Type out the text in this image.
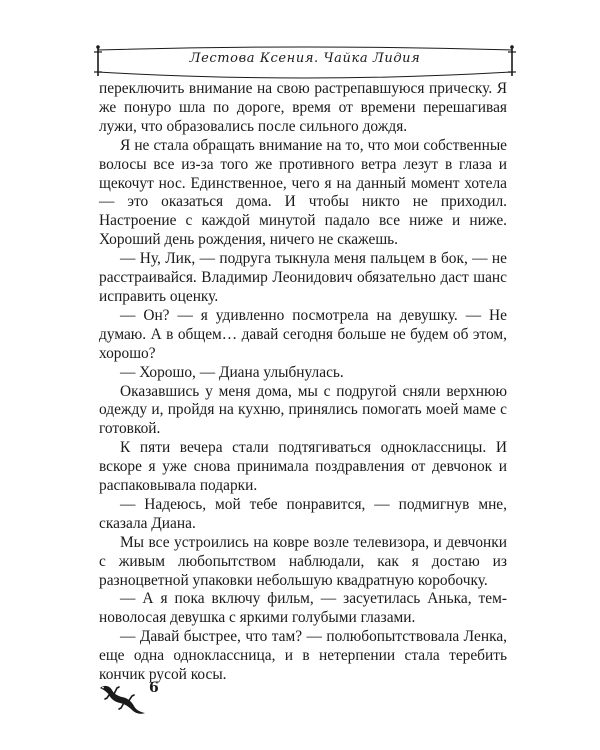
Лестова Ксения. Чайка Лидия

переключить внимание на свою растрепавшуюся прическу. Я же понуро шла по дороге, время от времени перешагивая лужи, что образовались после сильного дождя.

Я не стала обращать внимание на то, что мои собственные волосы все из-за того же противного ветра лезут в глаза и щекочут нос. Единственное, чего я на данный момент хотела — это оказаться дома. И чтобы никто не приходил. Настроение с каждой минутой падало все ниже и ниже. Хороший день рождения, ничего не скажешь.

— Ну, Лик, — подруга тыкнула меня пальцем в бок, — не расстраивайся. Владимир Леонидович обязательно даст шанс исправить оценку.

— Он? — я удивленно посмотрела на девушку. — Не думаю. А в общем… давай сегодня больше не будем об этом, хорошо?

— Хорошо, — Диана улыбнулась.

Оказавшись у меня дома, мы с подругой сняли верхнюю одежду и, пройдя на кухню, принялись помогать моей маме с готовкой.

К пяти вечера стали подтягиваться одноклассницы. И вскоре я уже снова принимала поздравления от девчонок и распаковывала подарки.

— Надеюсь, мой тебе понравится, — подмигнув мне, сказала Диана.

Мы все устроились на ковре возле телевизора, и девчонки с живым любопытством наблюдали, как я достаю из разноцветной упаковки небольшую квадратную коробочку.

— А я пока включу фильм, — засуетилась Анька, темноволосая девушка с яркими голубыми глазами.

— Давай быстрее, что там? — полюбопытствовала Ленка, еще одна одноклассница, и в нетерпении стала теребить кончик русой косы.

6
